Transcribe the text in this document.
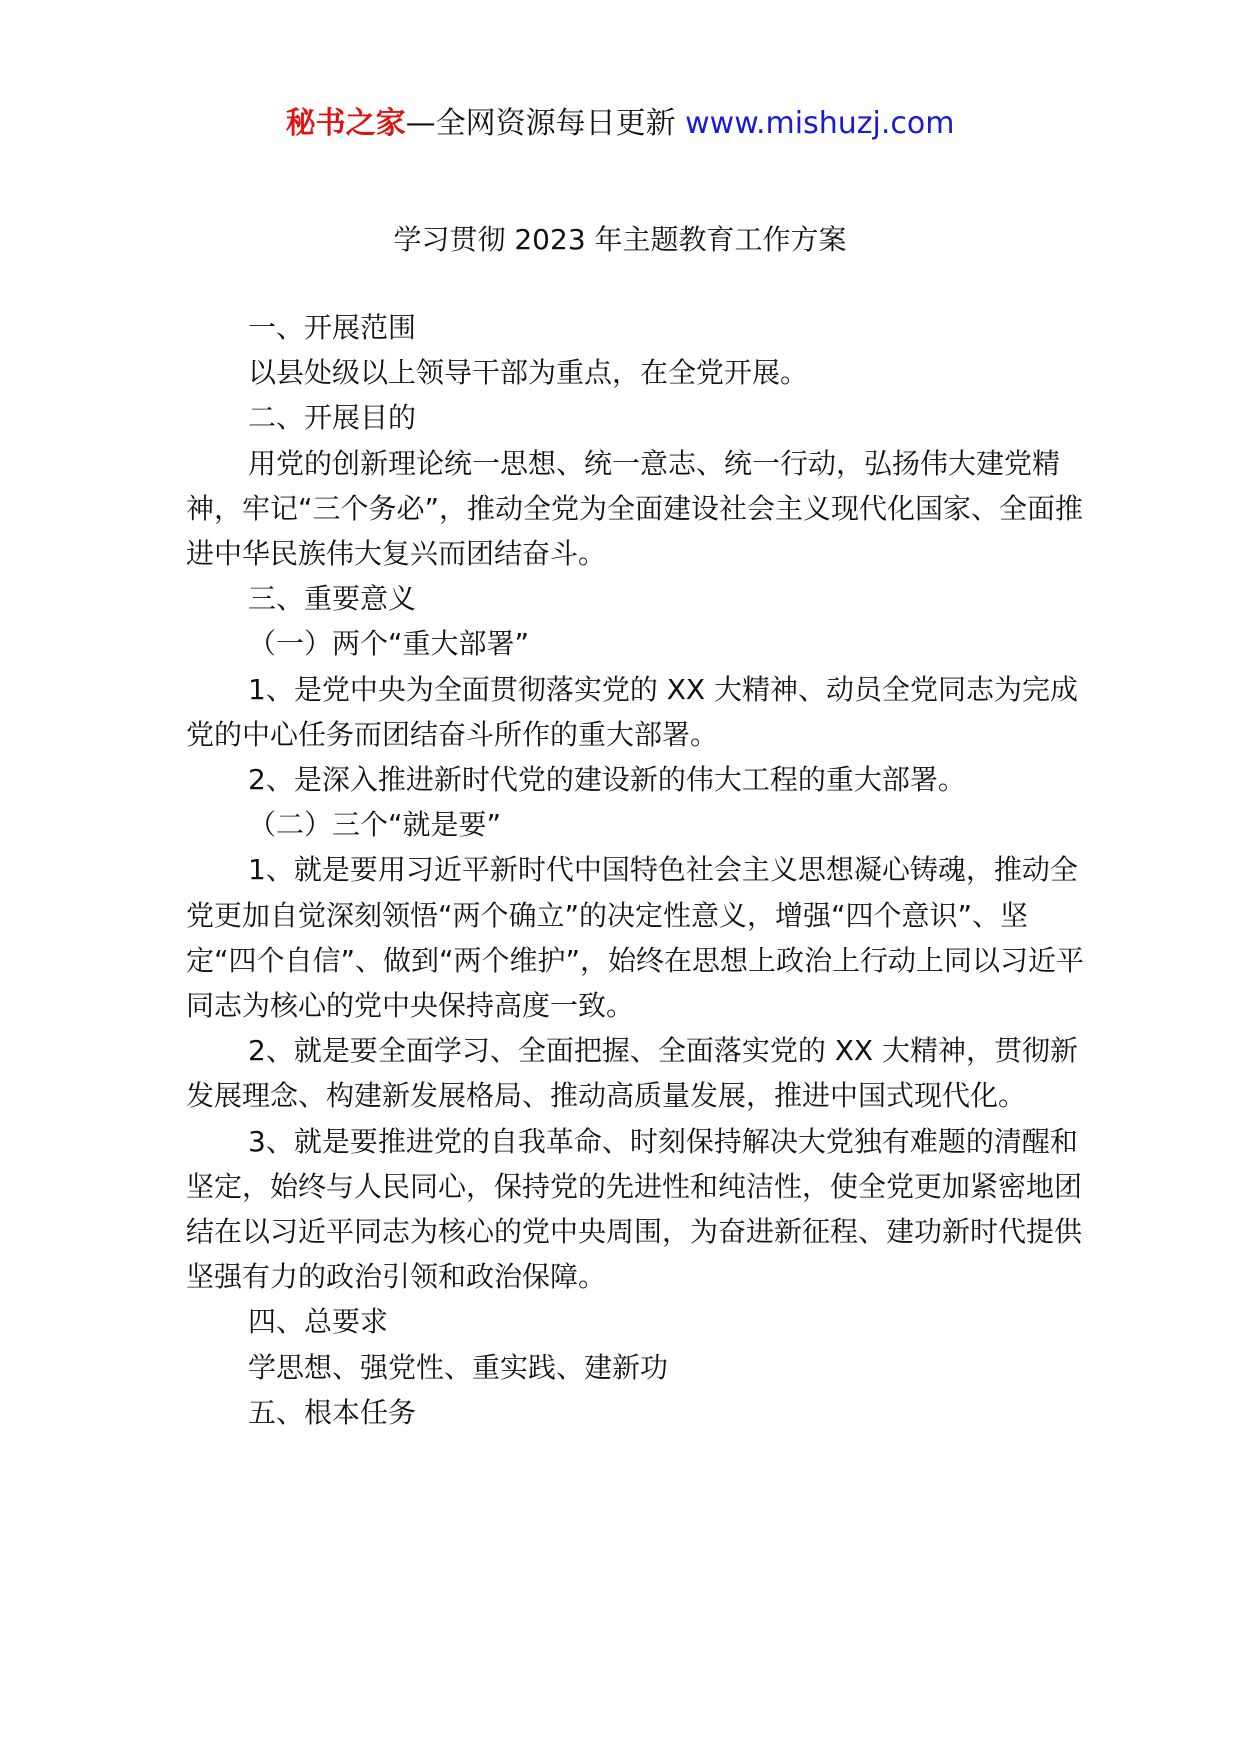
秘书之家—全网资源每日更新 www.mishuzj.com
学习贯彻 2023 年主题教育工作方案

一、开展范围

以县处级以上领导干部为重点，在全党开展。

二、开展目的

用党的创新理论统一思想、统一意志、统一行动，弘扬伟大建党精神，牢记“三个务必”，推动全党为全面建设社会主义现代化国家、全面推进中华民族伟大复兴而团结奋斗。

三、重要意义

（一）两个“重大部署”

1、是党中央为全面贯彻落实党的 XX 大精神、动员全党同志为完成党的中心任务而团结奋斗所作的重大部署。

2、是深入推进新时代党的建设新的伟大工程的重大部署。

（二）三个“就是要”

1、就是要用习近平新时代中国特色社会主义思想凝心铸魂，推动全党更加自觉深刻领悟“两个确立”的决定性意义，增强“四个意识”、坚定“四个自信”、做到“两个维护”，始终在思想上政治上行动上同以习近平同志为核心的党中央保持高度一致。

2、就是要全面学习、全面把握、全面落实党的 XX 大精神，贯彻新发展理念、构建新发展格局、推动高质量发展，推进中国式现代化。

3、就是要推进党的自我革命、时刻保持解决大党独有难题的清醒和坚定，始终与人民同心，保持党的先进性和纯洁性，使全党更加紧密地团结在以习近平同志为核心的党中央周围，为奋进新征程、建功新时代提供坚强有力的政治引领和政治保障。

四、总要求

学思想、强党性、重实践、建新功

五、根本任务
